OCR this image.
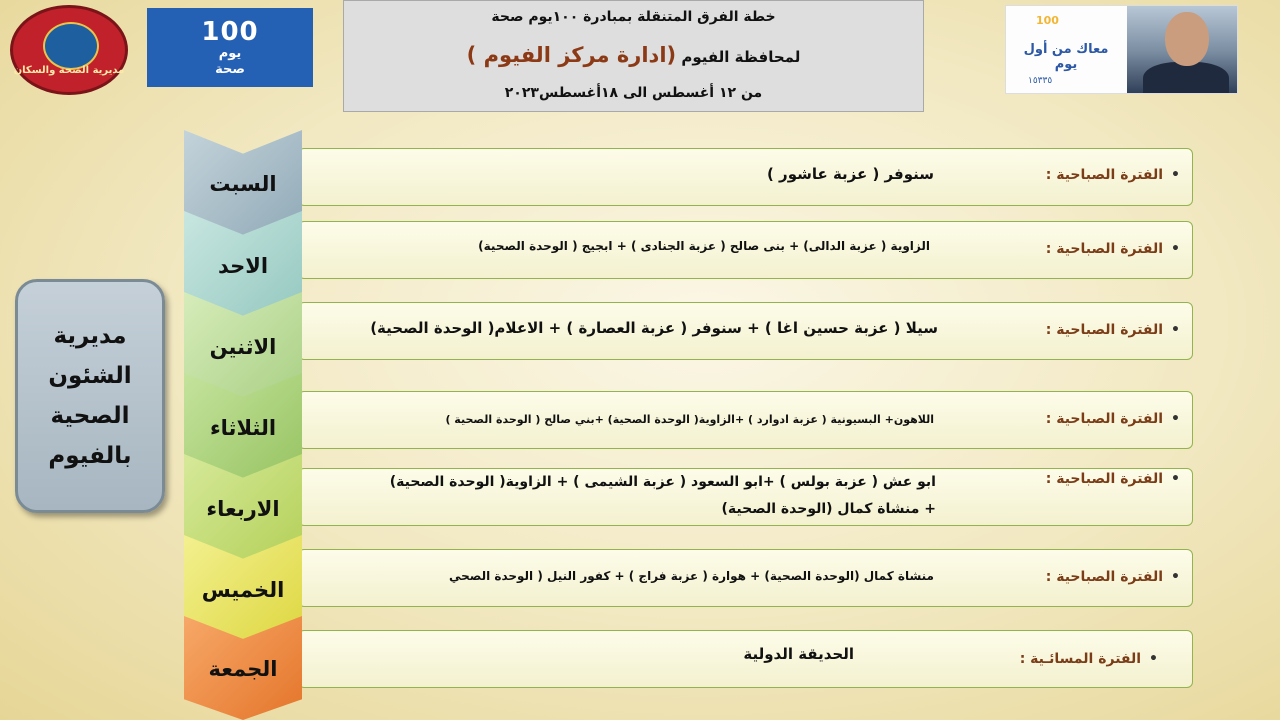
مديرية الصحة والسكان
100
يوم
صحة
خطة الفرق المتنقلة بمبادرة ١٠٠يوم صحة
لمحافظة الفيوم (ادارة مركز الفيوم )
من ١٢ أغسطس الى ١٨أغسطس٢٠٢٣
100
معاك من أول يوم
١٥٣٣٥
مديرية الشئون الصحية بالفيوم
•الفترة الصباحية :
سنوفر ( عزبة عاشور )
•الفترة الصباحية :
الزاوية ( عزبة الدالى) + بنى صالح ( عزبة الجنادى ) + ابجيج ( الوحدة الصحية)
•الفترة الصباحية :
سيلا ( عزبة حسين اغا ) + سنوفر ( عزبة العصارة ) + الاعلام( الوحدة الصحية)
•الفترة الصباحية :
اللاهون+ البسيونية ( عزبة ادوارد ) +الزاوية( الوحدة الصحية) +بني صالح ( الوحدة الصحية )
•الفترة الصباحية :
ابو عش ( عزبة بولس ) +ابو السعود ( عزبة الشيمى ) + الزاوية( الوحدة الصحية)
+ منشاة كمال (الوحدة الصحية)
•الفترة الصباحية :
منشاة كمال (الوحدة الصحية) + هوارة ( عزبة فراج ) + كفور النيل ( الوحدة الصحي
•الفترة المسائـية :
الحديقة الدولية
السبت
الاحد
الاثنين
الثلاثاء
الاربعاء
الخميس
الجمعة
